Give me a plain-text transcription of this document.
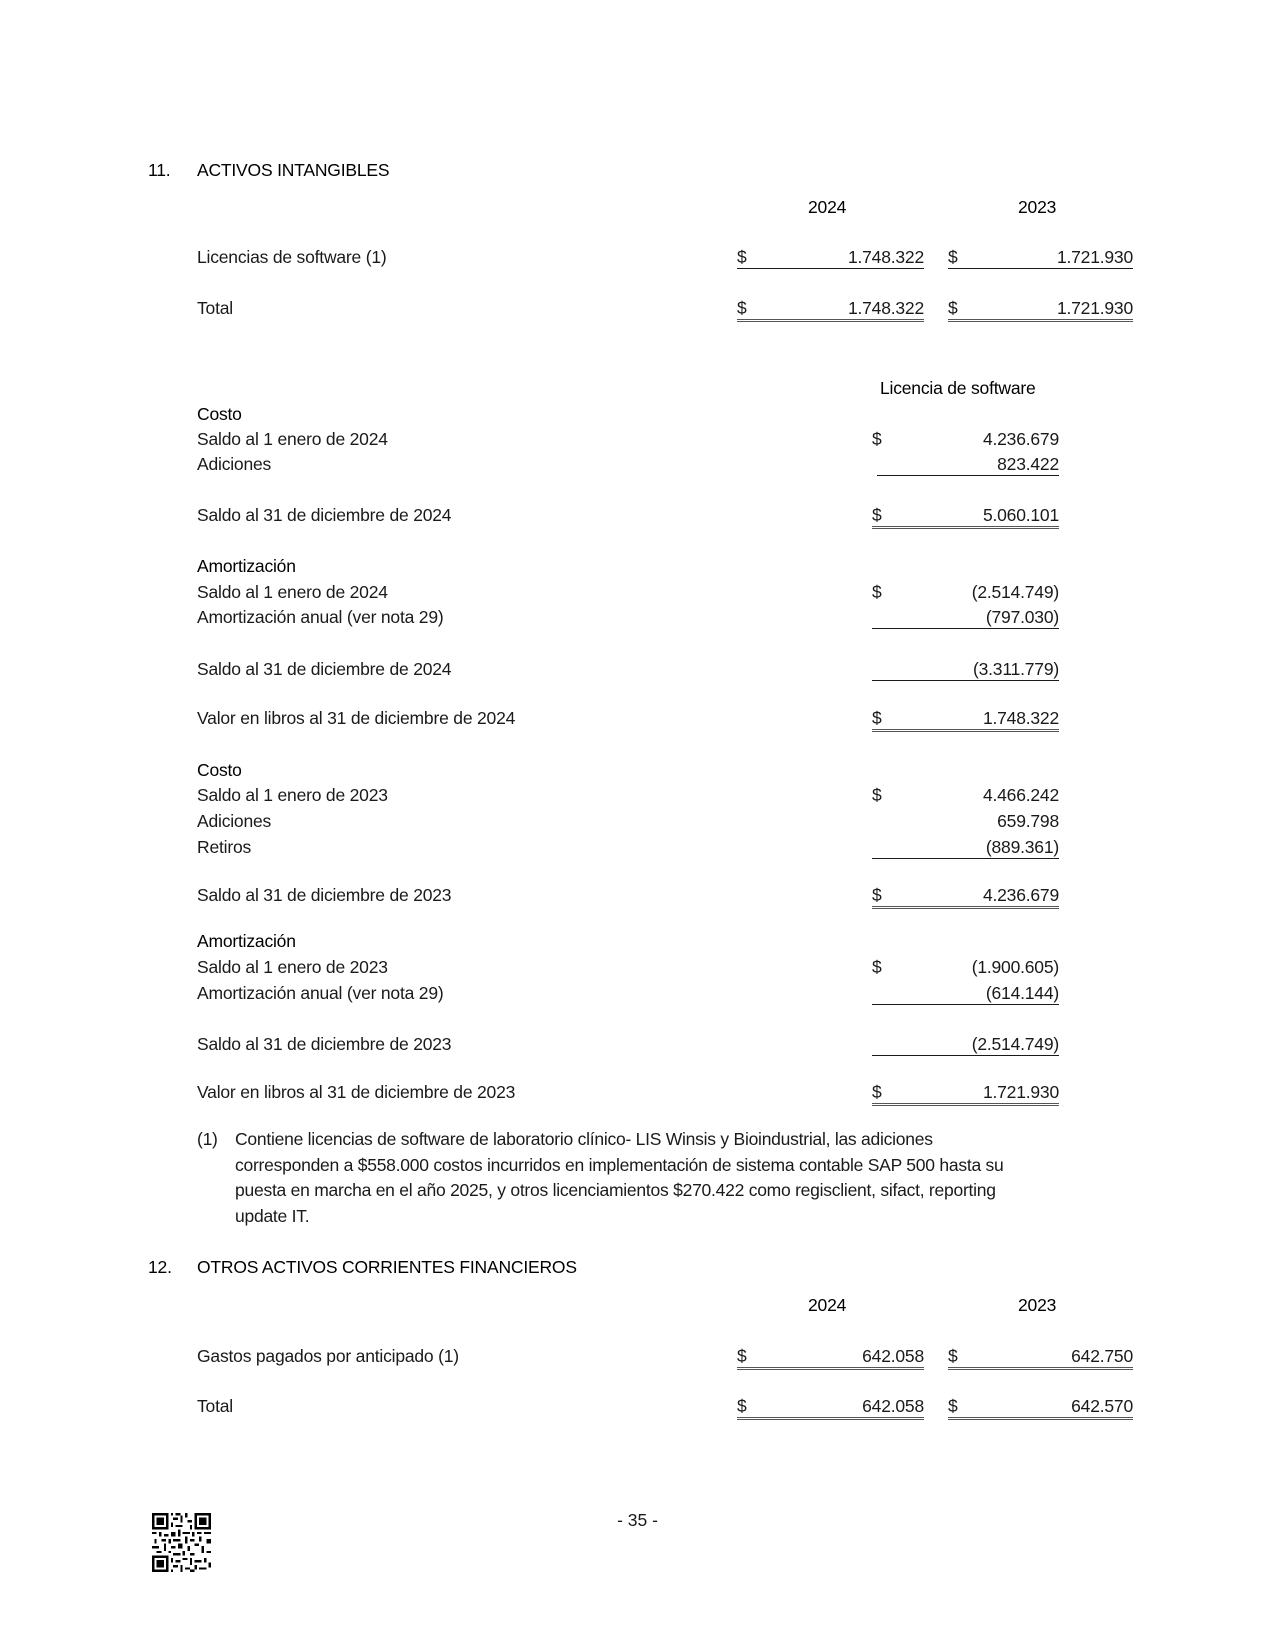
11. ACTIVOS INTANGIBLES
2024	2023
Licencias de software (1)	$	1.748.322 $	1.721.930
Total	$	1.748.322 $	1.721.930
Licencia de software
Costo
Saldo al 1 enero de 2024	$	4.236.679
Adiciones	823.422
Saldo al 31 de diciembre de 2024	$	5.060.101
Amortización
Saldo al 1 enero de 2024	$	(2.514.749)
Amortización anual (ver nota 29)	(797.030)
Saldo al 31 de diciembre de 2024	(3.311.779)
Valor en libros al 31 de diciembre de 2024	$	1.748.322
Costo
Saldo al 1 enero de 2023	$	4.466.242
Adiciones	659.798
Retiros	(889.361)
Saldo al 31 de diciembre de 2023	$	4.236.679
Amortización
Saldo al 1 enero de 2023	$	(1.900.605)
Amortización anual (ver nota 29)	(614.144)
Saldo al 31 de diciembre de 2023	(2.514.749)
Valor en libros al 31 de diciembre de 2023	$	1.721.930
(1) Contiene licencias de software de laboratorio clínico- LIS Winsis y Bioindustrial, las adiciones
corresponden a $558.000 costos incurridos en implementación de sistema contable SAP 500 hasta su
puesta en marcha en el año 2025, y otros licenciamientos $270.422 como regisclient, sifact, reporting
update IT.
12. OTROS ACTIVOS CORRIENTES FINANCIEROS
2024	2023
Gastos pagados por anticipado (1)	$	642.058 $	642.750
Total	$	642.058 $	642.570
- 35 -
